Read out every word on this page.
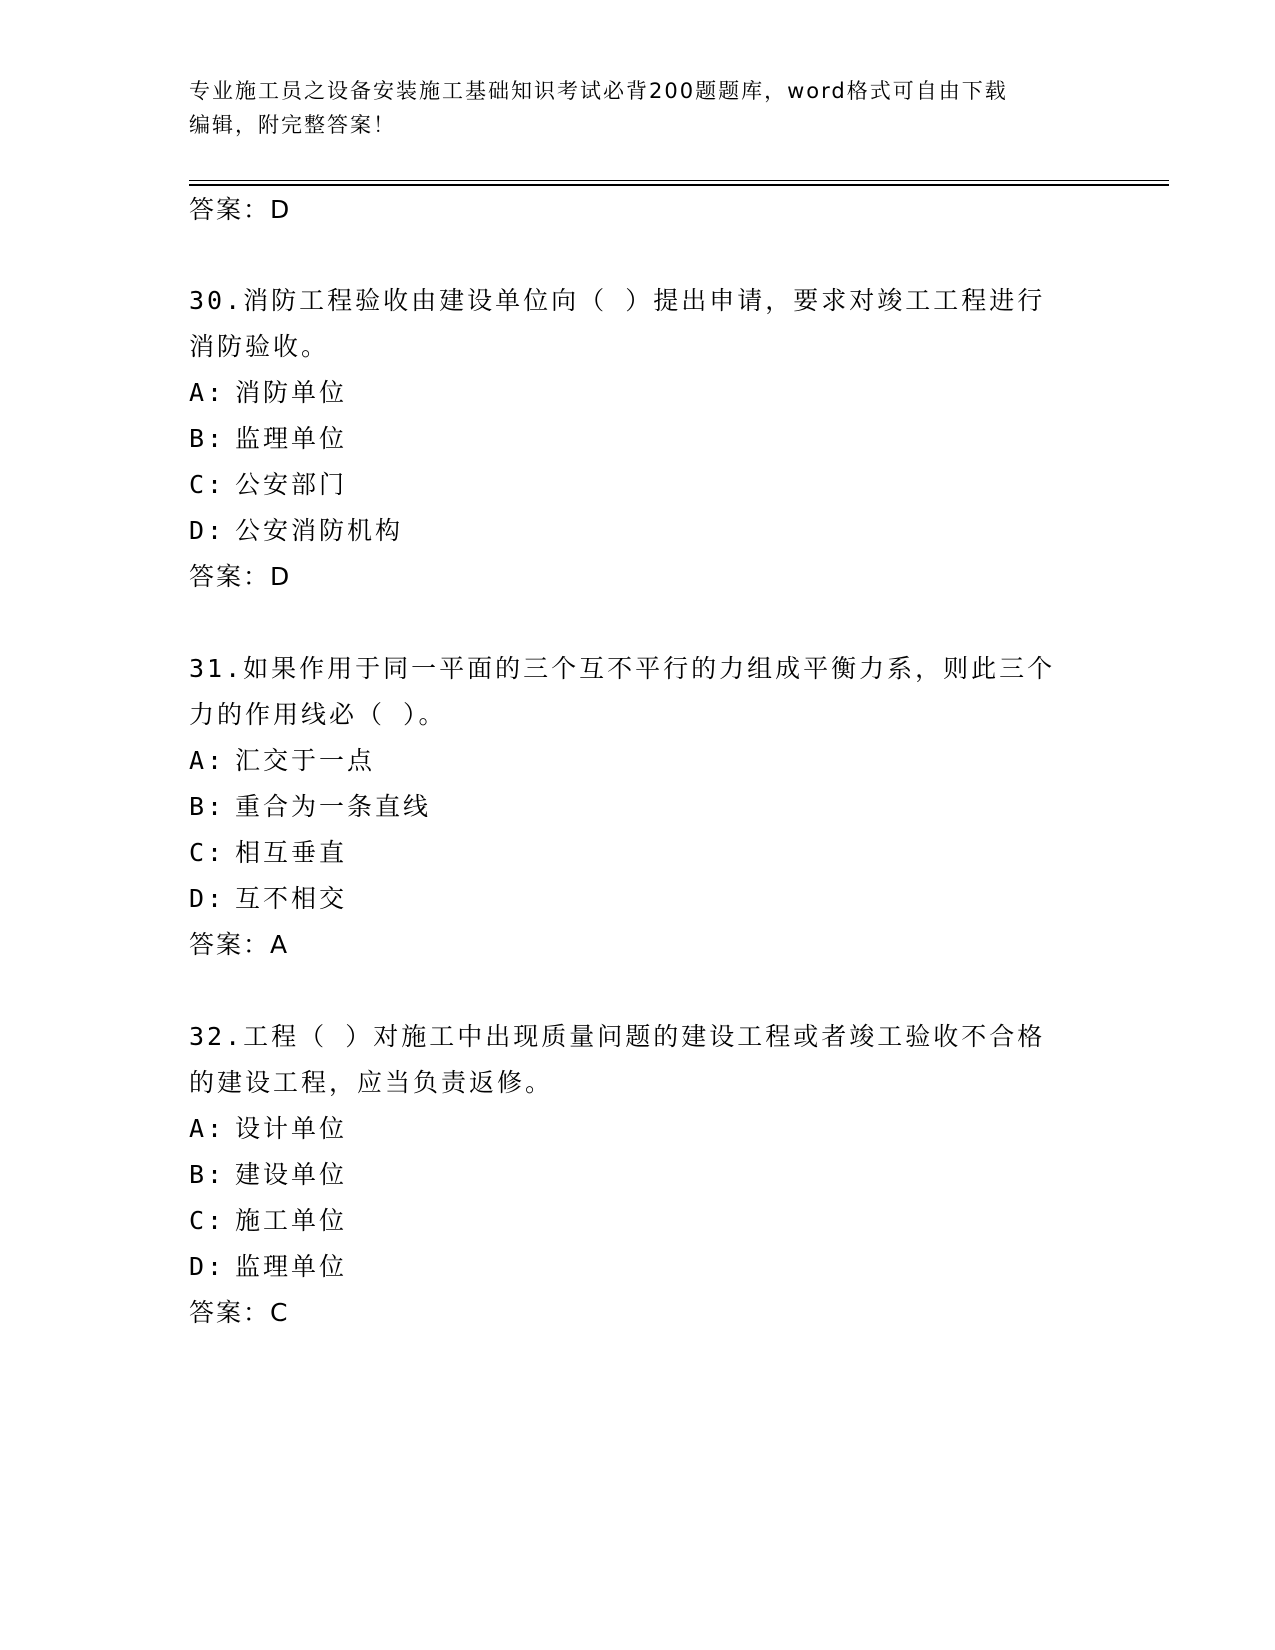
专业施工员之设备安装施工基础知识考试必背200题题库，word格式可自由下载
编辑，附完整答案！
答案：D
30.消防工程验收由建设单位向（ ）提出申请，要求对竣工工程进行
消防验收。
A: 消防单位
B: 监理单位
C: 公安部门
D: 公安消防机构
答案：D
31.如果作用于同一平面的三个互不平行的力组成平衡力系，则此三个
力的作用线必（ ）。
A: 汇交于一点
B: 重合为一条直线
C: 相互垂直
D: 互不相交
答案：A
32.工程（ ）对施工中出现质量问题的建设工程或者竣工验收不合格
的建设工程，应当负责返修。
A: 设计单位
B: 建设单位
C: 施工单位
D: 监理单位
答案：C
